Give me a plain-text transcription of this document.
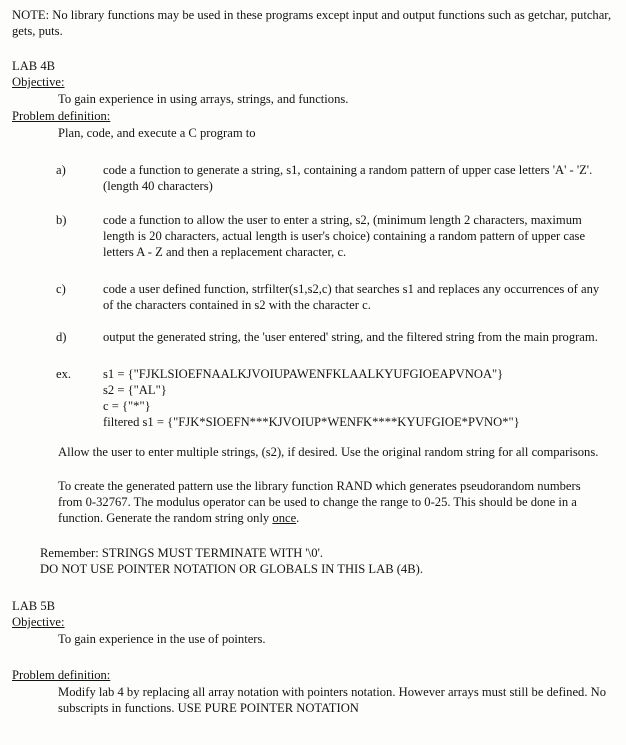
NOTE: No library functions may be used in these programs except input and output functions such as getchar, putchar, gets, puts.
LAB 4B
Objective:
To gain experience in using arrays, strings, and functions.
Problem definition:
Plan, code, and execute a C program to
a)	code a function to generate a string, s1, containing a random pattern of upper case letters 'A' - 'Z'. (length 40 characters)
b)	code a function to allow the user to enter a string, s2, (minimum length 2 characters, maximum length is 20 characters, actual length is user's choice) containing a random pattern of upper case letters A - Z and then a replacement character, c.
c)	code a user defined function, strfilter(s1,s2,c) that searches s1 and replaces any occurrences of any of the characters contained in s2 with the character c.
d)	output the generated string, the 'user entered' string, and the filtered string from the main program.
ex.	s1 = {"FJKLSIOEFNAALKJVOIUPAWENFKLAALKYUFGIOEAPVNOA"}
s2 = {"AL"}
c = {"*"}
filtered s1 = {"FJK*SIOEFN***KJVOIUP*WENFK****KYUFGIOE*PVNO*"}
Allow the user to enter multiple strings, (s2), if desired. Use the original random string for all comparisons.
To create the generated pattern use the library function RAND which generates pseudorandom numbers from 0-32767. The modulus operator can be used to change the range to 0-25. This should be done in a function. Generate the random string only once.
Remember: STRINGS MUST TERMINATE WITH '\0'.
DO NOT USE POINTER NOTATION OR GLOBALS IN THIS LAB (4B).
LAB 5B
Objective:
To gain experience in the use of pointers.
Problem definition:
Modify lab 4 by replacing all array notation with pointers notation. However arrays must still be defined. No subscripts in functions. USE PURE POINTER NOTATION
